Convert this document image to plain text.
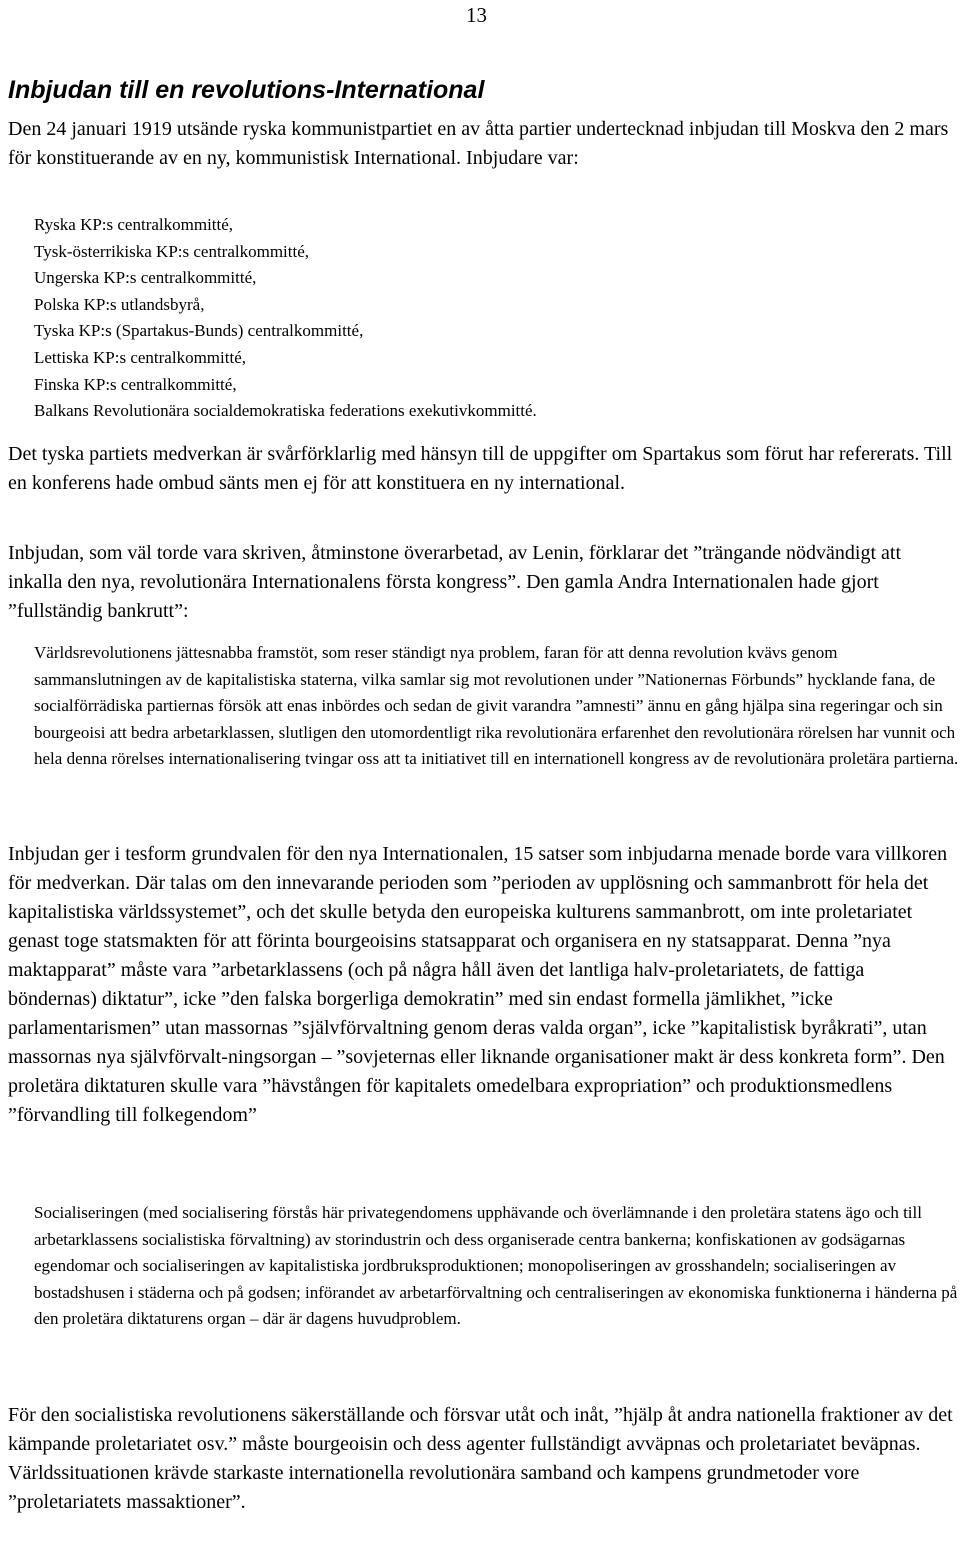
13
Inbjudan till en revolutions-International

Den 24 januari 1919 utsände ryska kommunistpartiet en av åtta partier undertecknad inbjudan till Moskva den 2 mars för konstituerande av en ny, kommunistisk International. Inbjudare var:

Ryska KP:s centralkommitté,
Tysk-österrikiska KP:s centralkommitté,
Ungerska KP:s centralkommitté,
Polska KP:s utlandsbyrå,
Tyska KP:s (Spartakus-Bunds) centralkommitté,
Lettiska KP:s centralkommitté,
Finska KP:s centralkommitté,
Balkans Revolutionära socialdemokratiska federations exekutivkommitté.

Det tyska partiets medverkan är svårförklarlig med hänsyn till de uppgifter om Spartakus som förut har refererats. Till en konferens hade ombud sänts men ej för att konstituera en ny international.

Inbjudan, som väl torde vara skriven, åtminstone överarbetad, av Lenin, förklarar det ”trängande nödvändigt att inkalla den nya, revolutionära Internationalens första kongress”. Den gamla Andra Internationalen hade gjort ”fullständig bankrutt”:

Världsrevolutionens jättesnabba framstöt, som reser ständigt nya problem, faran för att denna revolution kvävs genom sammanslutningen av de kapitalistiska staterna, vilka samlar sig mot revolutionen under ”Nationernas Förbunds” hycklande fana, de socialförrädiska partiernas försök att enas inbördes och sedan de givit varandra ”amnesti” ännu en gång hjälpa sina regeringar och sin bourgeoisi att bedra arbetarklassen, slutligen den utomordentligt rika revolutionära erfarenhet den revolutionära rörelsen har vunnit och hela denna rörelses internationalisering tvingar oss att ta initiativet till en internationell kongress av de revolutionära proletära partierna.

Inbjudan ger i tesform grundvalen för den nya Internationalen, 15 satser som inbjudarna menade borde vara villkoren för medverkan. Där talas om den innevarande perioden som ”perioden av upplösning och sammanbrott för hela det kapitalistiska världssystemet”, och det skulle betyda den europeiska kulturens sammanbrott, om inte proletariatet genast toge statsmakten för att förinta bourgeoisins statsapparat och organisera en ny statsapparat. Denna ”nya maktapparat” måste vara ”arbetarklassens (och på några håll även det lantliga halv-proletariatets, de fattiga böndernas) diktatur”, icke ”den falska borgerliga demokratin” med sin endast formella jämlikhet, ”icke parlamentarismen” utan massornas ”självförvaltning genom deras valda organ”, icke ”kapitalistisk byråkrati”, utan massornas nya självförvalt-ningsorgan – ”sovjeternas eller liknande organisationer makt är dess konkreta form”. Den proletära diktaturen skulle vara ”hävstången för kapitalets omedelbara expropriation” och produktionsmedlens ”förvandling till folkegendom”

Socialiseringen (med socialisering förstås här privategendomens upphävande och överlämnande i den proletära statens ägo och till arbetarklassens socialistiska förvaltning) av storindustrin och dess organiserade centra bankerna; konfiskationen av godsägarnas egendomar och socialiseringen av kapitalistiska jordbruksproduktionen; monopoliseringen av grosshandeln; socialiseringen av bostadshusen i städerna och på godsen; införandet av arbetarförvaltning och centraliseringen av ekonomiska funktionerna i händerna på den proletära diktaturens organ – där är dagens huvudproblem.

För den socialistiska revolutionens säkerställande och försvar utåt och inåt, ”hjälp åt andra nationella fraktioner av det kämpande proletariatet osv.” måste bourgeoisin och dess agenter fullständigt avväpnas och proletariatet beväpnas. Världssituationen krävde starkaste internationella revolutionära samband och kampens grundmetoder vore ”proletariatets massaktioner”.
